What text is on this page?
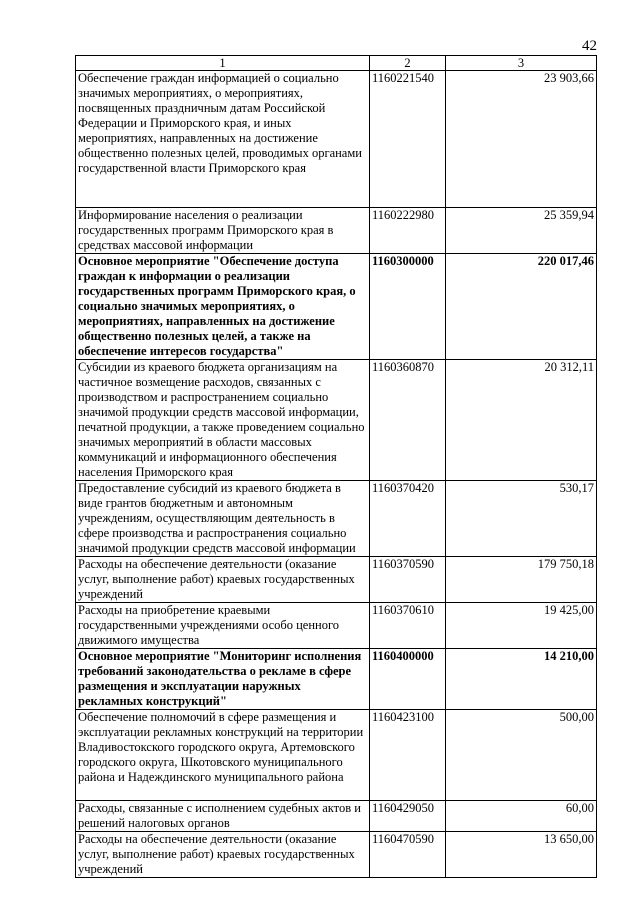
42
1	2	3
Обеспечение граждан информацией о социально значимых мероприятиях, о мероприятиях, посвященных праздничным датам Российской Федерации и Приморского края, и иных мероприятиях, направленных на достижение общественно полезных целей, проводимых органами государственной власти Приморского края	1160221540	23 903,66
Информирование населения о реализации государственных программ Приморского края в средствах массовой информации	1160222980	25 359,94
Основное мероприятие "Обеспечение доступа граждан к информации о реализации государственных программ Приморского края, о социально значимых мероприятиях, о мероприятиях, направленных на достижение общественно полезных целей, а также на обеспечение интересов государства"	1160300000	220 017,46
Субсидии из краевого бюджета организациям на частичное возмещение расходов, связанных с производством и распространением социально значимой продукции средств массовой информации, печатной продукции, а также проведением социально значимых мероприятий в области массовых коммуникаций и информационного обеспечения населения Приморского края	1160360870	20 312,11
Предоставление субсидий из краевого бюджета в виде грантов бюджетным и автономным учреждениям, осуществляющим деятельность в сфере производства и распространения социально значимой продукции средств массовой информации	1160370420	530,17
Расходы на обеспечение деятельности (оказание услуг, выполнение работ) краевых государственных учреждений	1160370590	179 750,18
Расходы на приобретение краевыми государственными учреждениями особо ценного движимого имущества	1160370610	19 425,00
Основное мероприятие "Мониторинг исполнения требований законодательства о рекламе в сфере размещения и эксплуатации наружных рекламных конструкций"	1160400000	14 210,00
Обеспечение полномочий в сфере размещения и эксплуатации рекламных конструкций на территории Владивостокского городского округа, Артемовского городского округа, Шкотовского муниципального района и Надеждинского муниципального района	1160423100	500,00
Расходы, связанные с исполнением судебных актов и решений налоговых органов	1160429050	60,00
Расходы на обеспечение деятельности (оказание услуг, выполнение работ) краевых государственных учреждений	1160470590	13 650,00
